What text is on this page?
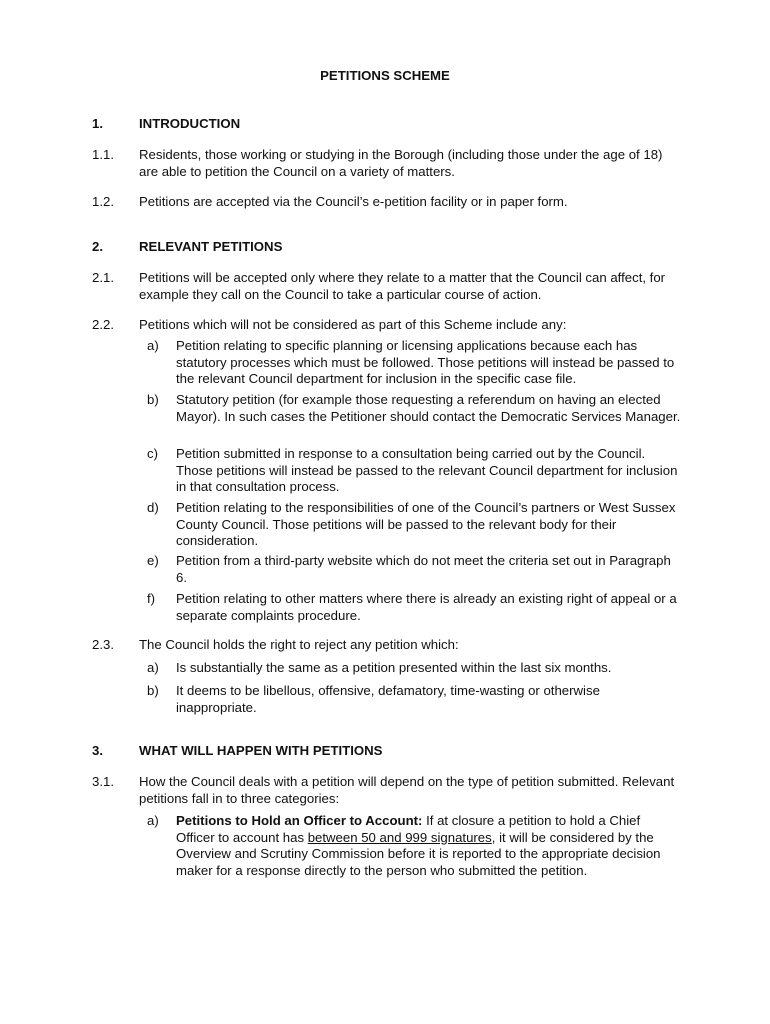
PETITIONS SCHEME
1.	INTRODUCTION
1.1. Residents, those working or studying in the Borough (including those under the age of 18) are able to petition the Council on a variety of matters.
1.2. Petitions are accepted via the Council’s e-petition facility or in paper form.
2.	RELEVANT PETITIONS
2.1. Petitions will be accepted only where they relate to a matter that the Council can affect, for example they call on the Council to take a particular course of action.
2.2. Petitions which will not be considered as part of this Scheme include any:
a) Petition relating to specific planning or licensing applications because each has statutory processes which must be followed. Those petitions will instead be passed to the relevant Council department for inclusion in the specific case file.
b) Statutory petition (for example those requesting a referendum on having an elected Mayor). In such cases the Petitioner should contact the Democratic Services Manager.
c) Petition submitted in response to a consultation being carried out by the Council. Those petitions will instead be passed to the relevant Council department for inclusion in that consultation process.
d) Petition relating to the responsibilities of one of the Council’s partners or West Sussex County Council. Those petitions will be passed to the relevant body for their consideration.
e) Petition from a third-party website which do not meet the criteria set out in Paragraph 6.
f) Petition relating to other matters where there is already an existing right of appeal or a separate complaints procedure.
2.3. The Council holds the right to reject any petition which:
a) Is substantially the same as a petition presented within the last six months.
b) It deems to be libellous, offensive, defamatory, time-wasting or otherwise inappropriate.
3.	WHAT WILL HAPPEN WITH PETITIONS
3.1. How the Council deals with a petition will depend on the type of petition submitted. Relevant petitions fall in to three categories:
a) Petitions to Hold an Officer to Account: If at closure a petition to hold a Chief Officer to account has between 50 and 999 signatures, it will be considered by the Overview and Scrutiny Commission before it is reported to the appropriate decision maker for a response directly to the person who submitted the petition.
